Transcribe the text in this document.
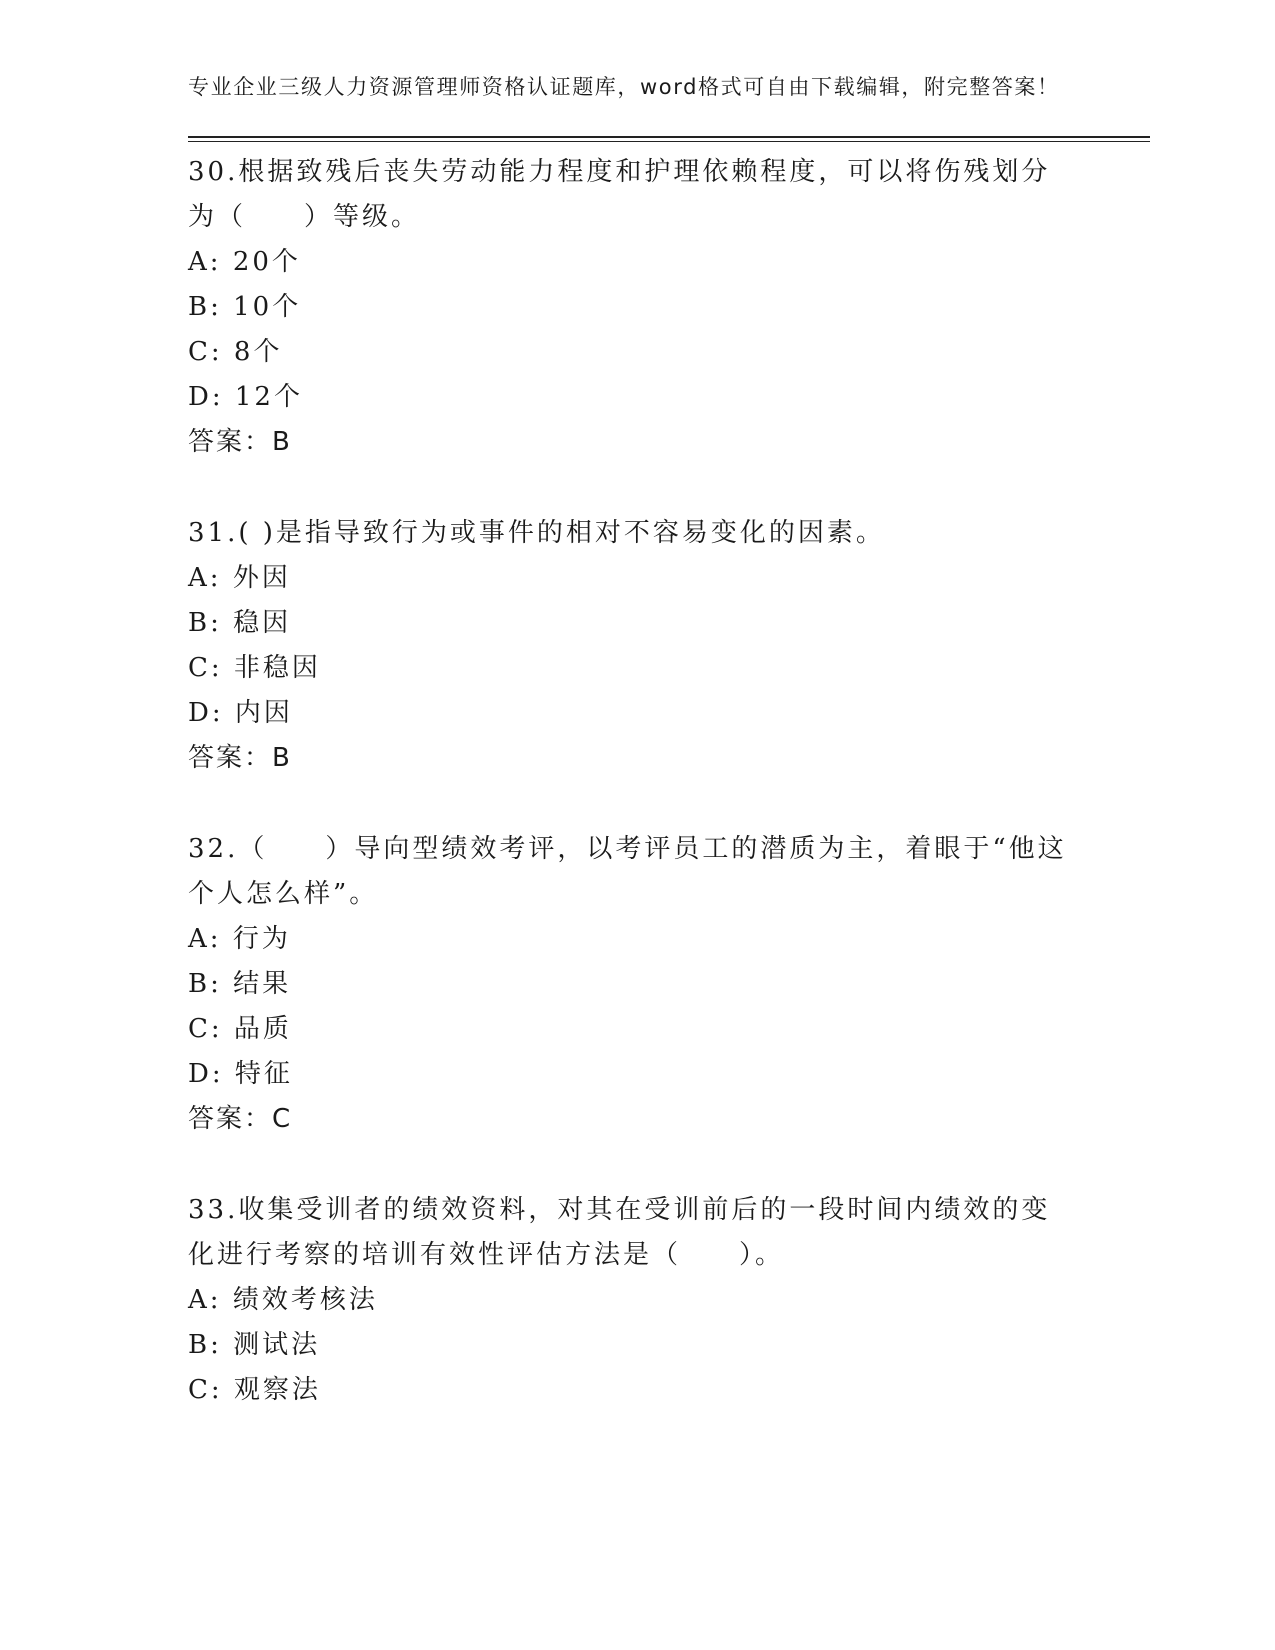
专业企业三级人力资源管理师资格认证题库，word格式可自由下载编辑，附完整答案！

30.根据致残后丧失劳动能力程度和护理依赖程度，可以将伤残划分为（　　）等级。

A: 20个

B: 10个

C: 8个

D: 12个

答案：B

31.( )是指导致行为或事件的相对不容易变化的因素。

A: 外因

B: 稳因

C: 非稳因

D: 内因

答案：B

32.（　　）导向型绩效考评，以考评员工的潜质为主，着眼于“他这个人怎么样”。

A: 行为

B: 结果

C: 品质

D: 特征

答案：C

33.收集受训者的绩效资料，对其在受训前后的一段时间内绩效的变化进行考察的培训有效性评估方法是（　　）。

A: 绩效考核法

B: 测试法

C: 观察法
